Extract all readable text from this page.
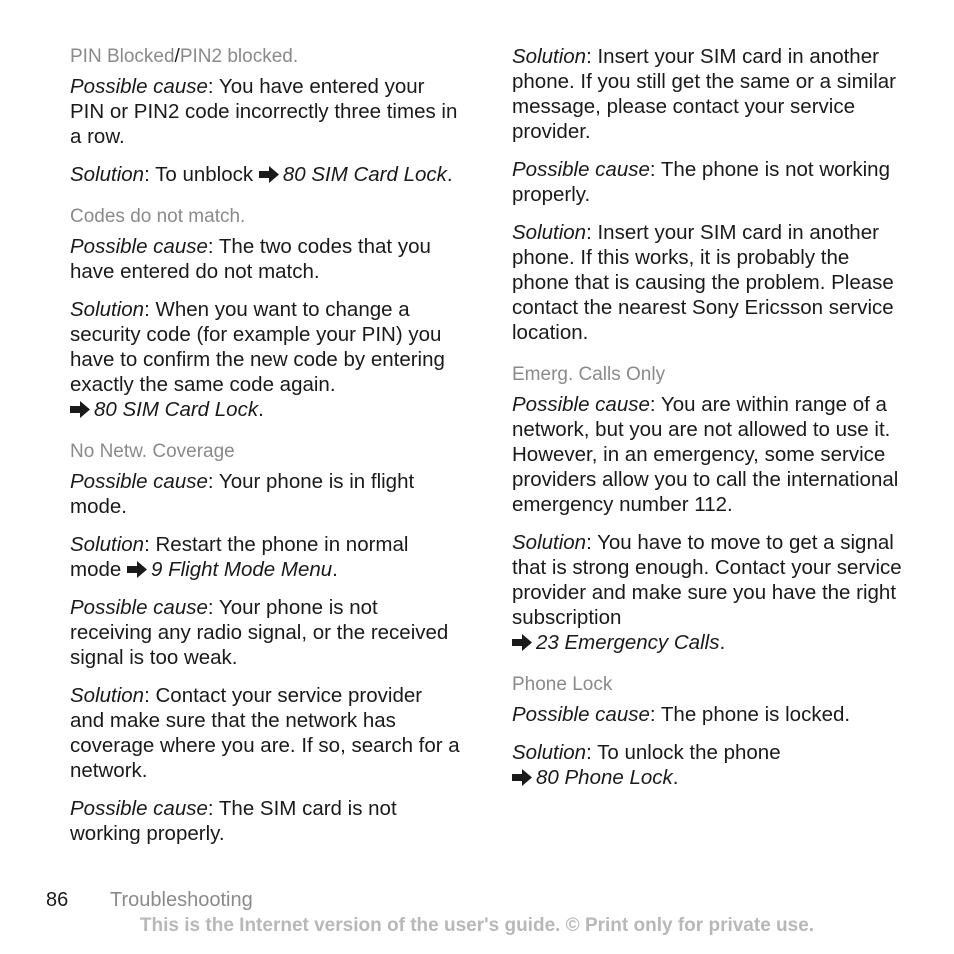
PIN Blocked/PIN2 blocked.

Possible cause: You have entered your PIN or PIN2 code incorrectly three times in a row.

Solution: To unblock 80 SIM Card Lock.

Codes do not match.

Possible cause: The two codes that you have entered do not match.

Solution: When you want to change a security code (for example your PIN) you have to confirm the new code by entering exactly the same code again.
80 SIM Card Lock.

No Netw. Coverage

Possible cause: Your phone is in flight mode.

Solution: Restart the phone in normal mode 9 Flight Mode Menu.

Possible cause: Your phone is not receiving any radio signal, or the received signal is too weak.

Solution: Contact your service provider and make sure that the network has coverage where you are. If so, search for a network.

Possible cause: The SIM card is not working properly.

Solution: Insert your SIM card in another phone. If you still get the same or a similar message, please contact your service provider.

Possible cause: The phone is not working properly.

Solution: Insert your SIM card in another phone. If this works, it is probably the phone that is causing the problem. Please contact the nearest Sony Ericsson service location.

Emerg. Calls Only

Possible cause: You are within range of a network, but you are not allowed to use it. However, in an emergency, some service providers allow you to call the international emergency number 112.

Solution: You have to move to get a signal that is strong enough. Contact your service provider and make sure you have the right subscription
23 Emergency Calls.

Phone Lock

Possible cause: The phone is locked.

Solution: To unlock the phone
80 Phone Lock.

86 Troubleshooting
This is the Internet version of the user's guide. © Print only for private use.
